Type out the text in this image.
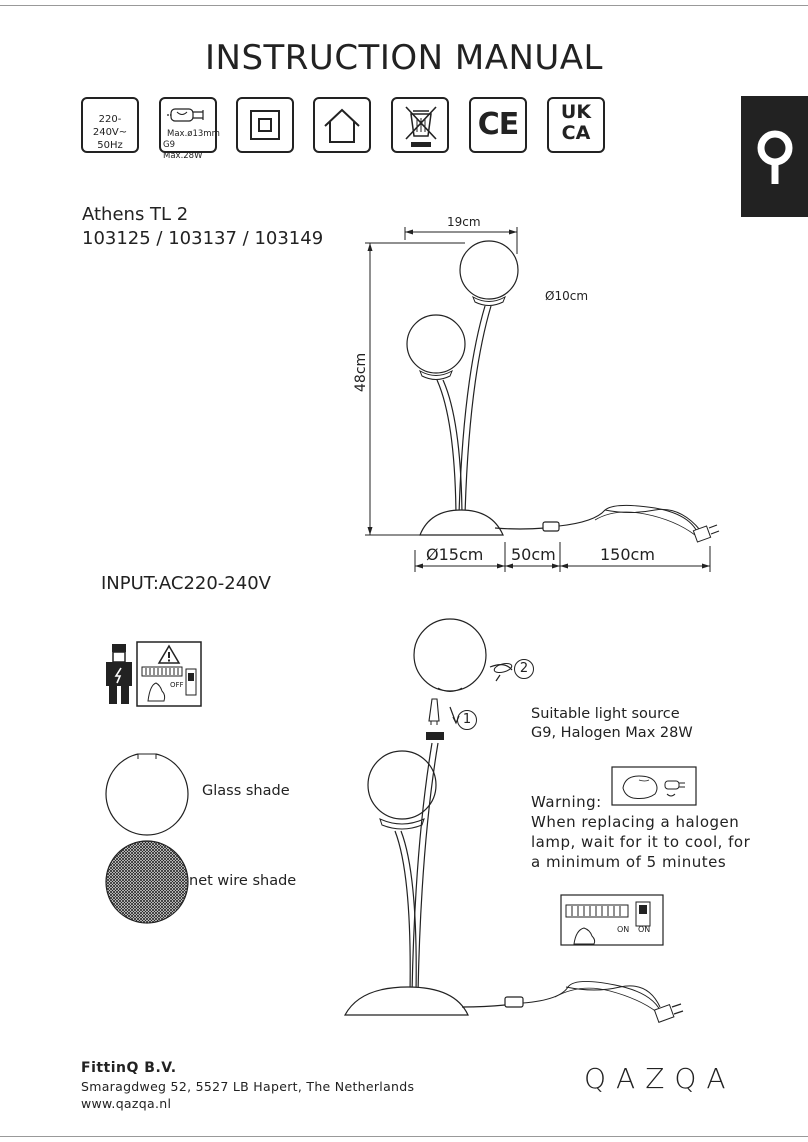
INSTRUCTION MANUAL
220-240V~
50Hz
Max.ø13mm
G9 Max.28W
CE	UK
CA
Athens TL 2
103125 / 103137 / 103149
19cm
Ø10cm
48cm
Ø15cm 50cm	150cm
INPUT:AC220-240V
OFF
Glass shade
net wire shade
2
1	Suitable light source
G9, Halogen Max 28W
Warning:
When replacing a halogen
lamp, wait for it to cool, for
a minimum of 5 minutes
ON ON
FittinQ B.V.
Smaragdweg 52, 5527 LB Hapert, The Netherlands
www.qazqa.nl
QAZQA
